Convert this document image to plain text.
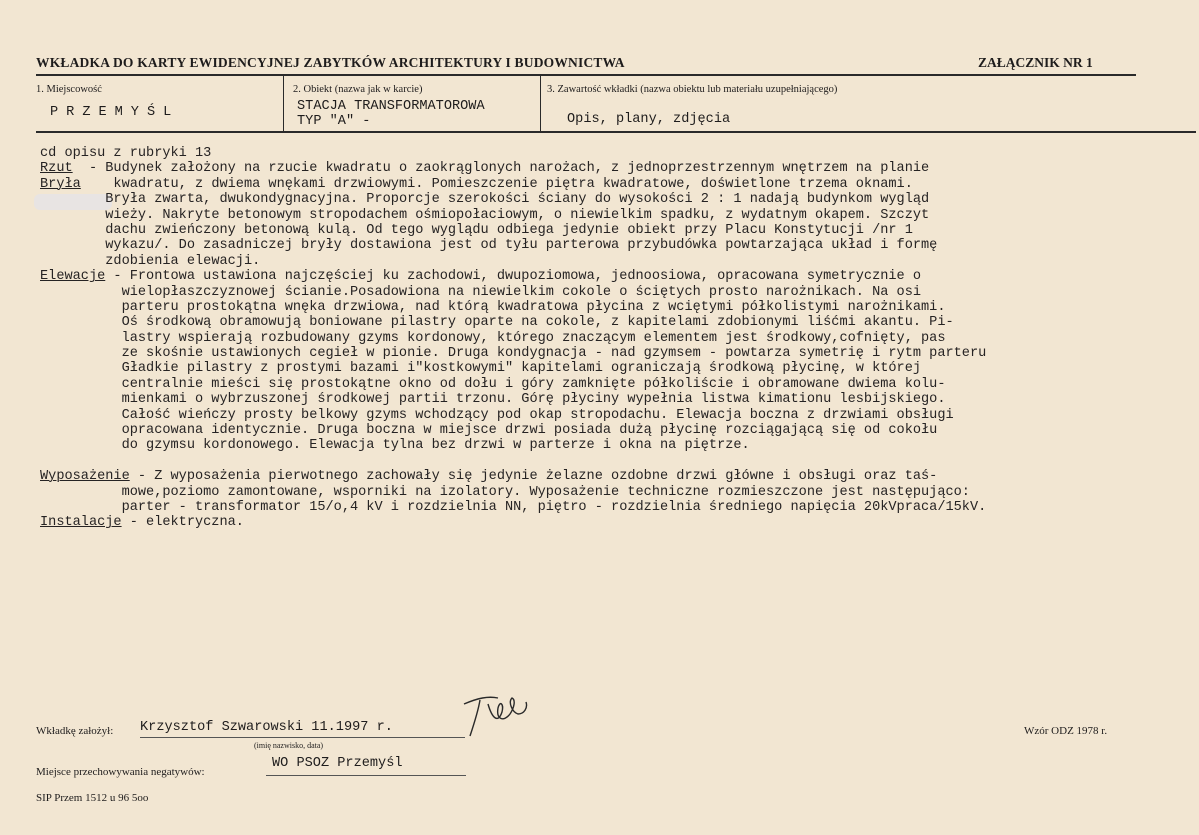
WKŁADKA DO KARTY EWIDENCYJNEJ ZABYTKÓW ARCHITEKTURY I BUDOWNICTWA	ZAŁĄCZNIK NR 1
1. Miejscowość
PRZEMYŚL
2. Obiekt (nazwa jak w karcie)
STACJA TRANSFORMATOROWA
TYP "A" -
3. Zawartość wkładki (nazwa obiektu lub materiału uzupełniającego)
Opis, plany, zdjęcia
cd opisu z rubryki 13
Rzut  - Budynek założony na rzucie kwadratu o zaokrąglonych narożach, z jednoprzestrzennym wnętrzem na planie
Bryła    kwadratu, z dwiema wnękami drzwiowymi. Pomieszczenie piętra kwadratowe, doświetlone trzema oknami.
Bryła zwarta, dwukondygnacyjna. Proporcje szerokości ściany do wysokości 2 : 1 nadają budynkom wygląd
wieży. Nakryte betonowym stropodachem ośmiopołaciowym, o niewielkim spadku, z wydatnym okapem. Szczyt
dachu zwieńczony betonową kulą. Od tego wyglądu odbiega jedynie obiekt przy Placu Konstytucji /nr 1
wykazu/. Do zasadniczej bryły dostawiona jest od tyłu parterowa przybudówka powtarzająca układ i formę
zdobienia elewacji.
Elewacje - Frontowa ustawiona najczęściej ku zachodowi, dwupoziomowa, jednoosiowa, opracowana symetrycznie o
wielopłaszczyznowej ścianie.Posadowiona na niewielkim cokole o ściętych prosto narożnikach. Na osi
parteru prostokątna wnęka drzwiowa, nad którą kwadratowa płycina z wciętymi półkolistymi narożnikami.
Oś środkową obramowują boniowane pilastry oparte na cokole, z kapitelami zdobionymi liśćmi akantu. Pi-
lastry wspierają rozbudowany gzyms kordonowy, którego znaczącym elementem jest środkowy,cofnięty, pas
ze skośnie ustawionych cegieł w pionie. Druga kondygnacja - nad gzymsem - powtarza symetrię i rytm parteru
Gładkie pilastry z prostymi bazami i"kostkowymi" kapitelami ograniczają środkową płycinę, w której
centralnie mieści się prostokątne okno od dołu i góry zamknięte półkoliście i obramowane dwiema kolu-
mienkami o wybrzuszonej środkowej partii trzonu. Górę płyciny wypełnia listwa kimationu lesbijskiego.
Całość wieńczy prosty belkowy gzyms wchodzący pod okap stropodachu. Elewacja boczna z drzwiami obsługi
opracowana identycznie. Druga boczna w miejsce drzwi posiada dużą płycinę rozciągającą się od cokołu
do gzymsu kordonowego. Elewacja tylna bez drzwi w parterze i okna na piętrze.
Wyposażenie - Z wyposażenia pierwotnego zachowały się jedynie żelazne ozdobne drzwi główne i obsługi oraz taś-
mowe,poziomo zamontowane, wsporniki na izolatory. Wyposażenie techniczne rozmieszczone jest następująco:
parter - transformator 15/o,4 kV i rozdzielnia NN, piętro - rozdzielnia średniego napięcia 20kVpraca/15kV.
Instalacje - elektryczna.
Wkładkę założył: Krzysztof Szwarowski 11.1997 r.
(imię nazwisko, data)
Wzór ODZ 1978 r.
Miejsce przechowywania negatywów:
WO PSOZ Przemyśl
SIP Przem 1512 u 96 5oo
